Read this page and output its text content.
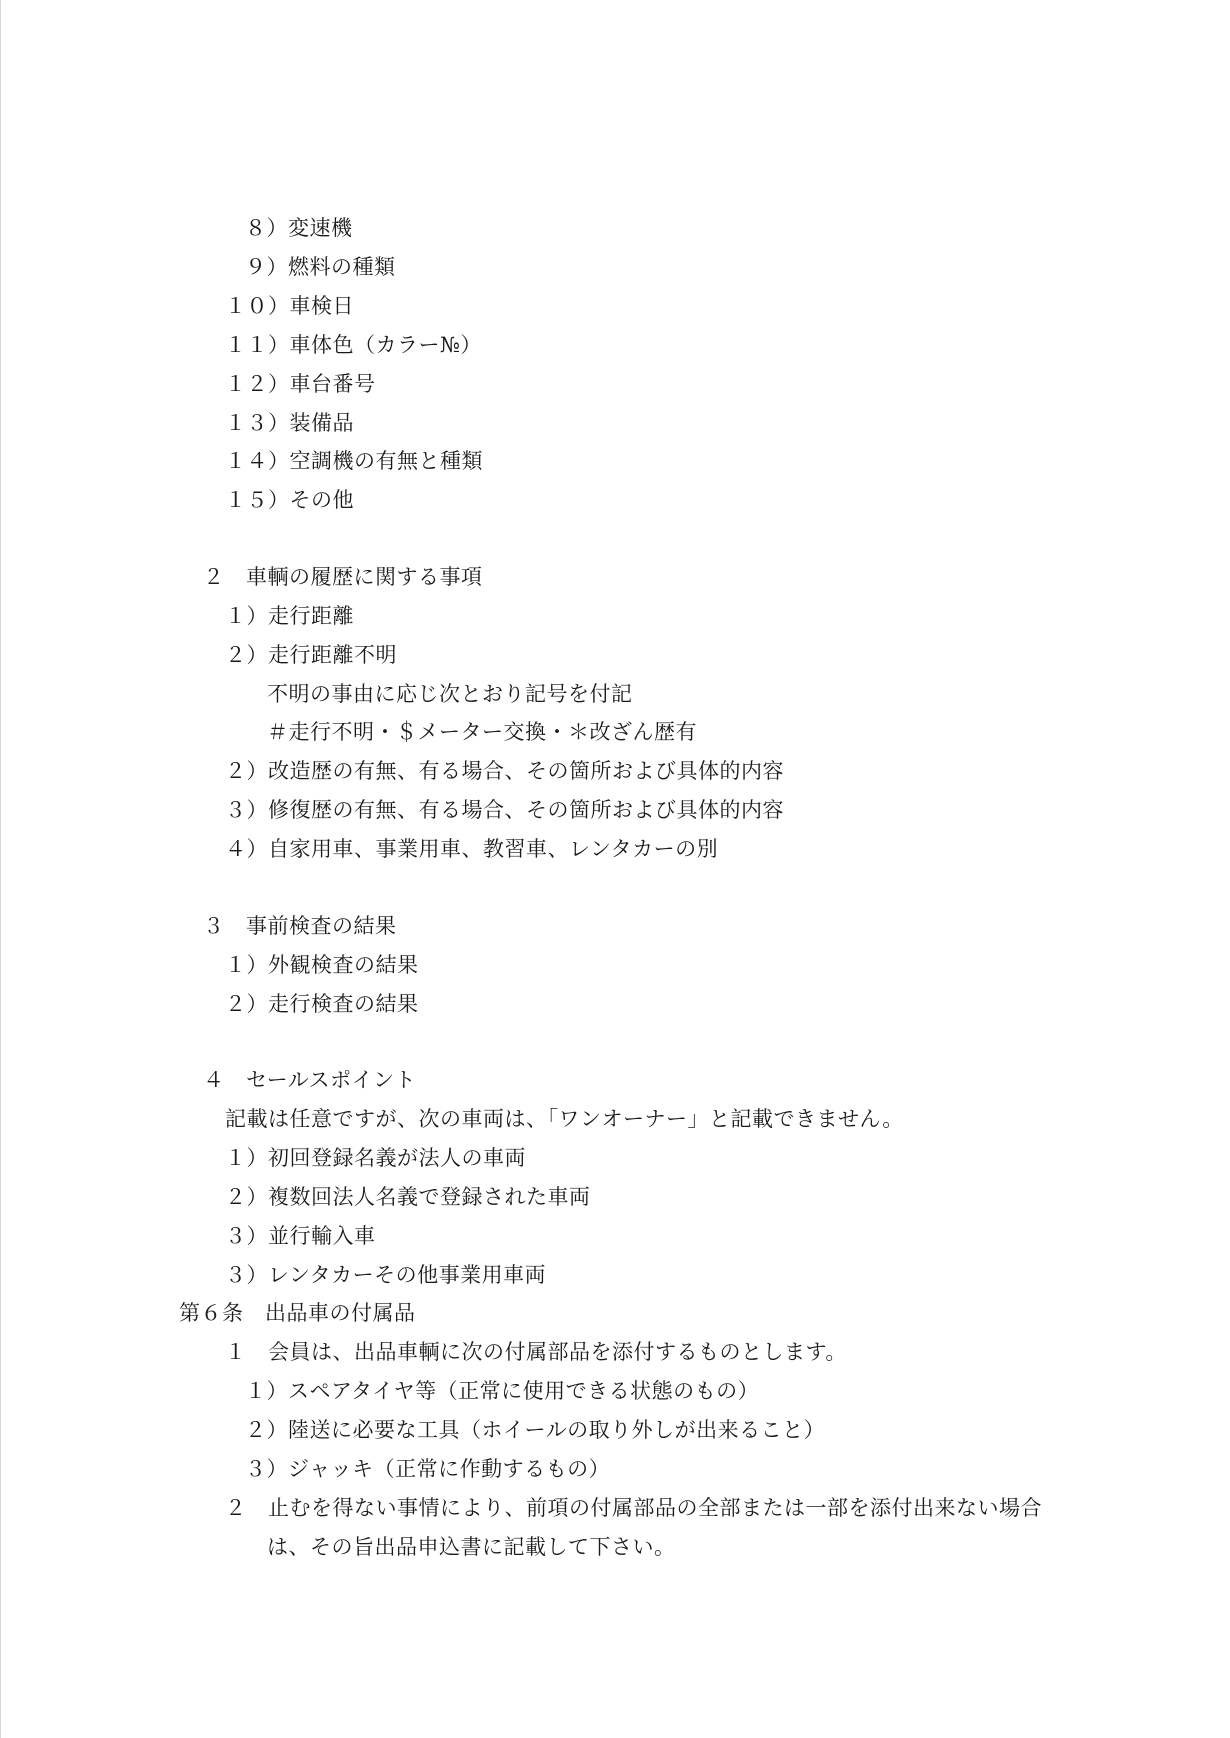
８）変速機
９）燃料の種類
１０）車検日
１１）車体色（カラー№）
１２）車台番号
１３）装備品
１４）空調機の有無と種類
１５）その他
２　車輌の履歴に関する事項
１）走行距離
２）走行距離不明
不明の事由に応じ次とおり記号を付記
＃走行不明・＄メーター交換・＊改ざん歴有
２）改造歴の有無、有る場合、その箇所および具体的内容
３）修復歴の有無、有る場合、その箇所および具体的内容
４）自家用車、事業用車、教習車、レンタカーの別
３　事前検査の結果
１）外観検査の結果
２）走行検査の結果
４　セールスポイント
記載は任意ですが、次の車両は、「ワンオーナー」と記載できません。
１）初回登録名義が法人の車両
２）複数回法人名義で登録された車両
３）並行輸入車
３）レンタカーその他事業用車両
第６条　出品車の付属品
１　会員は、出品車輌に次の付属部品を添付するものとします。
１）スペアタイヤ等（正常に使用できる状態のもの）
２）陸送に必要な工具（ホイールの取り外しが出来ること）
３）ジャッキ（正常に作動するもの）
２　止むを得ない事情により、前項の付属部品の全部または一部を添付出来ない場合
は、その旨出品申込書に記載して下さい。
